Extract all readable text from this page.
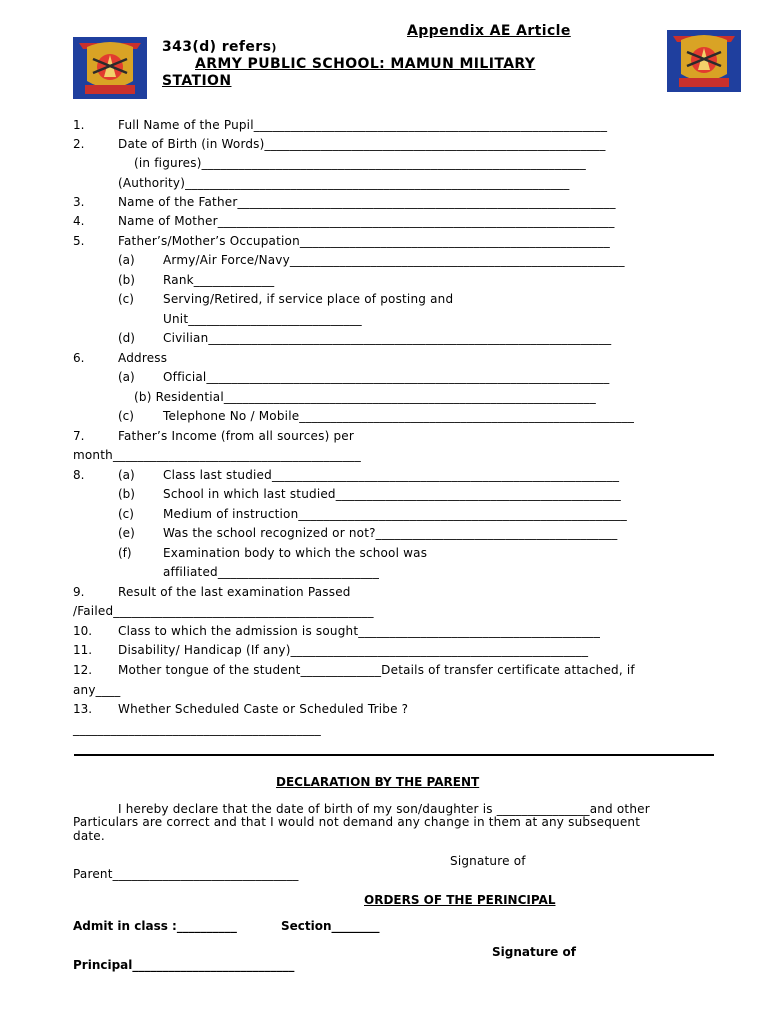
Appendix AE Article
343(d) refers)
ARMY PUBLIC SCHOOL: MAMUN MILITARY
STATION
1.	Full Name of the Pupil_________________________________________________________
2.	Date of Birth (in Words)_______________________________________________________
(in figures)______________________________________________________________
(Authority)______________________________________________________________
3.	Name of the Father_____________________________________________________________
4.	Name of Mother________________________________________________________________
5.	Father’s/Mother’s Occupation__________________________________________________
(a) Army/Air Force/Navy______________________________________________________
(b) Rank_____________
(c) Serving/Retired, if service place of posting and
Unit____________________________
(d) Civilian_________________________________________________________________
6.	Address
(a) Official_________________________________________________________________
(b) Residential____________________________________________________________
(c) Telephone No / Mobile______________________________________________________
7.	Father’s Income (from all sources) per
month________________________________________
8.	(a) Class last studied________________________________________________________
(b) School in which last studied______________________________________________
(c) Medium of instruction_____________________________________________________
(e) Was the school recognized or not?_______________________________________
(f)	Examination body to which the school was
affiliated__________________________
9.	Result of the last examination Passed
/Failed__________________________________________
10. Class to which the admission is sought_______________________________________
11. Disability/ Handicap (If any)________________________________________________
12. Mother tongue of the student_____________Details of transfer certificate attached, if
any____
13. Whether Scheduled Caste or Scheduled Tribe ?
________________________________________
DECLARATION BY THE PARENT
I hereby declare that the date of birth of my son/daughter is _______________and other
Particulars are correct and that I would not demand any change in them at any subsequent
date.
Signature of
Parent______________________________
ORDERS OF THE PERINCIPAL
Admit in class :__________	Section________
Signature of
Principal___________________________
